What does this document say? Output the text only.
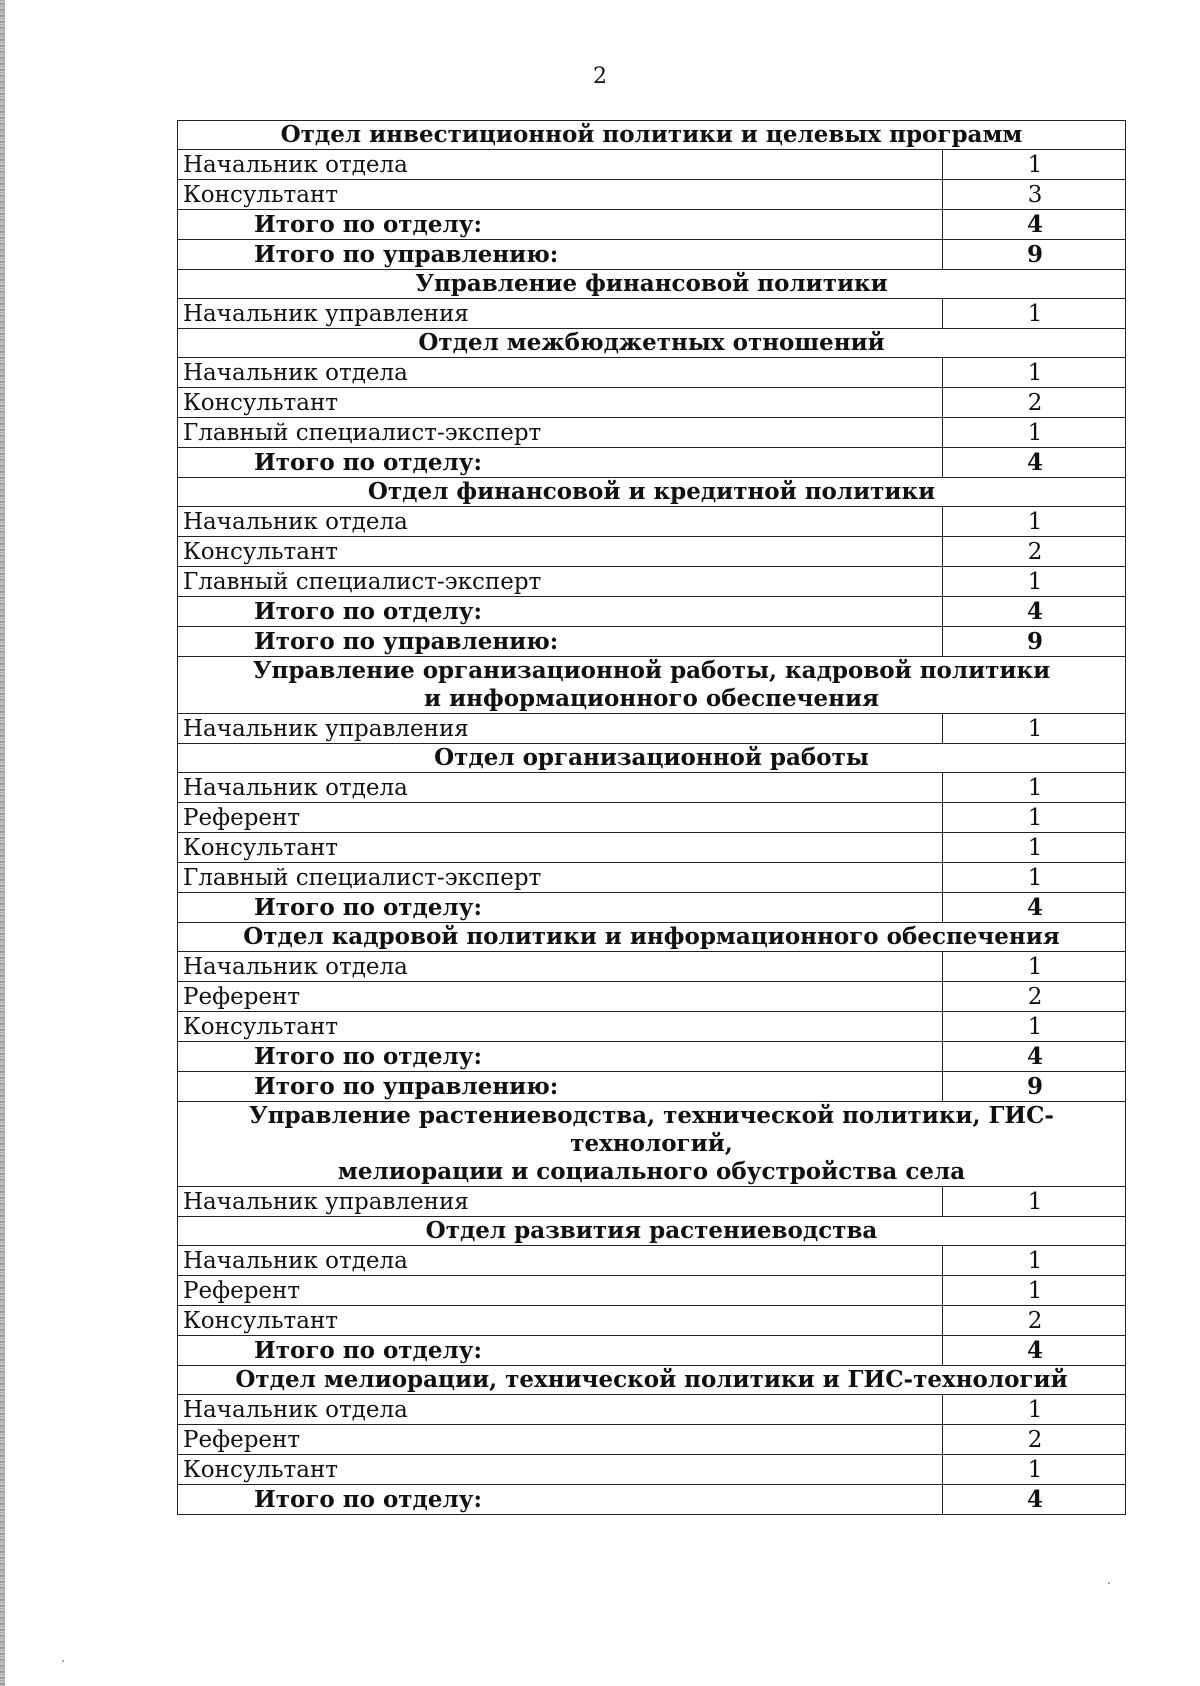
2
Отдел инвестиционной политики и целевых программ	

Начальник отдела	1
Консультант	3
Итого по отделу:	4
Итого по управлению:	9

Управление финансовой политики	

Начальник управления	1

Отдел межбюджетных отношений	

Начальник отдела	1
Консультант	2
Главный специалист-эксперт	1
Итого по отделу:	4

Отдел финансовой и кредитной политики	

Начальник отдела	1
Консультант	2
Главный специалист-эксперт	1
Итого по отделу:	4
Итого по управлению:	9

Управление организационной работы, кадровой политики
и информационного обеспечения	

Начальник управления	1

Отдел организационной работы	

Начальник отдела	1
Референт	1
Консультант	1
Главный специалист-эксперт	1
Итого по отделу:	4

Отдел кадровой политики и информационного обеспечения	

Начальник отдела	1
Референт	2
Консультант	1
Итого по отделу:	4
Итого по управлению:	9

Управление растениеводства, технической политики, ГИС-технологий,
мелиорации и социального обустройства села	

Начальник управления	1

Отдел развития растениеводства	

Начальник отдела	1
Референт	1
Консультант	2
Итого по отделу:	4

Отдел мелиорации, технической политики и ГИС-технологий	

Начальник отдела	1
Референт	2
Консультант	1
Итого по отделу:	4
